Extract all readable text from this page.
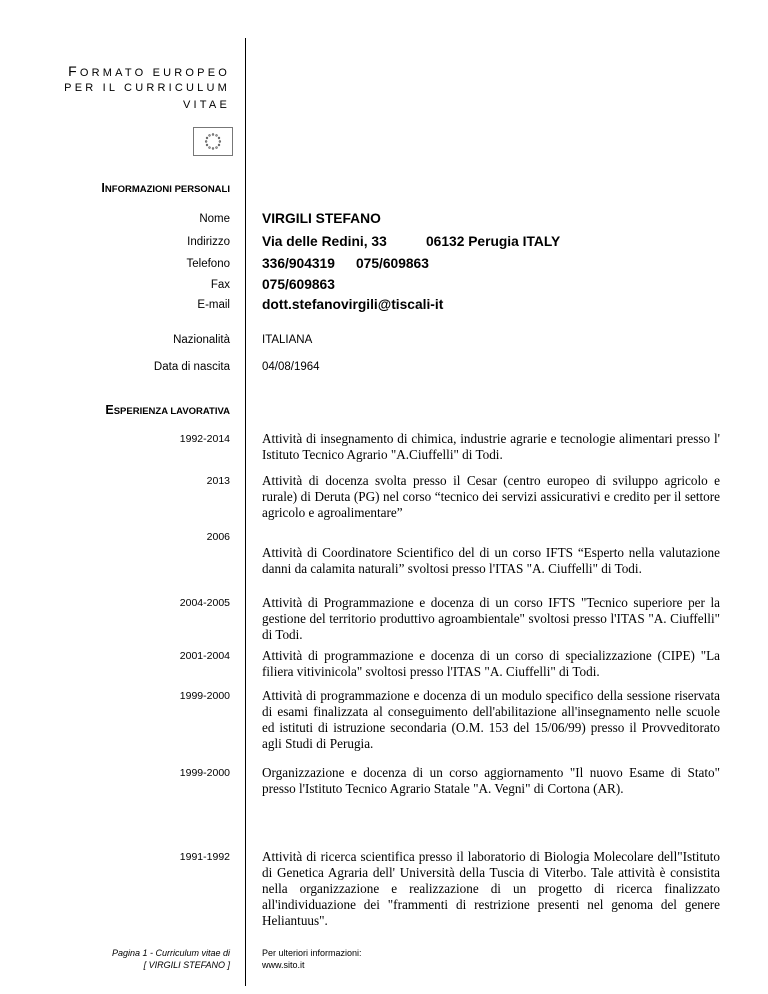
FORMATO EUROPEO
PER IL CURRICULUM
VITAE
INFORMAZIONI PERSONALI
Nome VIRGILI STEFANO
Indirizzo Via delle Redini, 33	06132 Perugia ITALY
Telefono 336/904319 075/609863
Fax 075/609863
E-mail dott.stefanovirgili@tiscali-it
Nazionalità	ITALIANA
Data di nascita	04/08/1964
ESPERIENZA LAVORATIVA
1992-2014 Attività di insegnamento di chimica, industrie agrarie e tecnologie alimentari presso l' Istituto Tecnico Agrario "A.Ciuffelli" di Todi.
2013 Attività di docenza svolta presso il Cesar (centro europeo di sviluppo agricolo e rurale) di Deruta (PG) nel corso “tecnico dei servizi assicurativi e credito per il settore agricolo e agroalimentare”
2006
Attività di Coordinatore Scientifico del di un corso IFTS “Esperto nella valutazione danni da calamita naturali” svoltosi presso l'ITAS "A. Ciuffelli" di Todi.
2004-2005 Attività di Programmazione e docenza di un corso IFTS "Tecnico superiore per la gestione del territorio produttivo agroambientale" svoltosi presso l'ITAS "A. Ciuffelli" di Todi.
2001-2004 Attività di programmazione e docenza di un corso di specializzazione (CIPE) "La filiera vitivinicola" svoltosi presso l'ITAS "A. Ciuffelli" di Todi.
1999-2000 Attività di programmazione e docenza di un modulo specifico della sessione riservata di esami finalizzata al conseguimento dell'abilitazione all'insegnamento nelle scuole ed istituti di istruzione secondaria (O.M. 153 del 15/06/99) presso il Provveditorato agli Studi di Perugia.
1999-2000 Organizzazione e docenza di un corso aggiornamento "Il nuovo Esame di Stato" presso l'Istituto Tecnico Agrario Statale "A. Vegni" di Cortona (AR).
1991-1992 Attività di ricerca scientifica presso il laboratorio di Biologia Molecolare dell"Istituto di Genetica Agraria dell' Università della Tuscia di Viterbo. Tale attività è consistita nella organizzazione e realizzazione di un progetto di ricerca finalizzato all'individuazione dei "frammenti di restrizione presenti nel genoma del genere Heliantuus".
Pagina 1 - Curriculum vitae di
[ VIRGILI STEFANO ]
Per ulteriori informazioni:
www.sito.it
